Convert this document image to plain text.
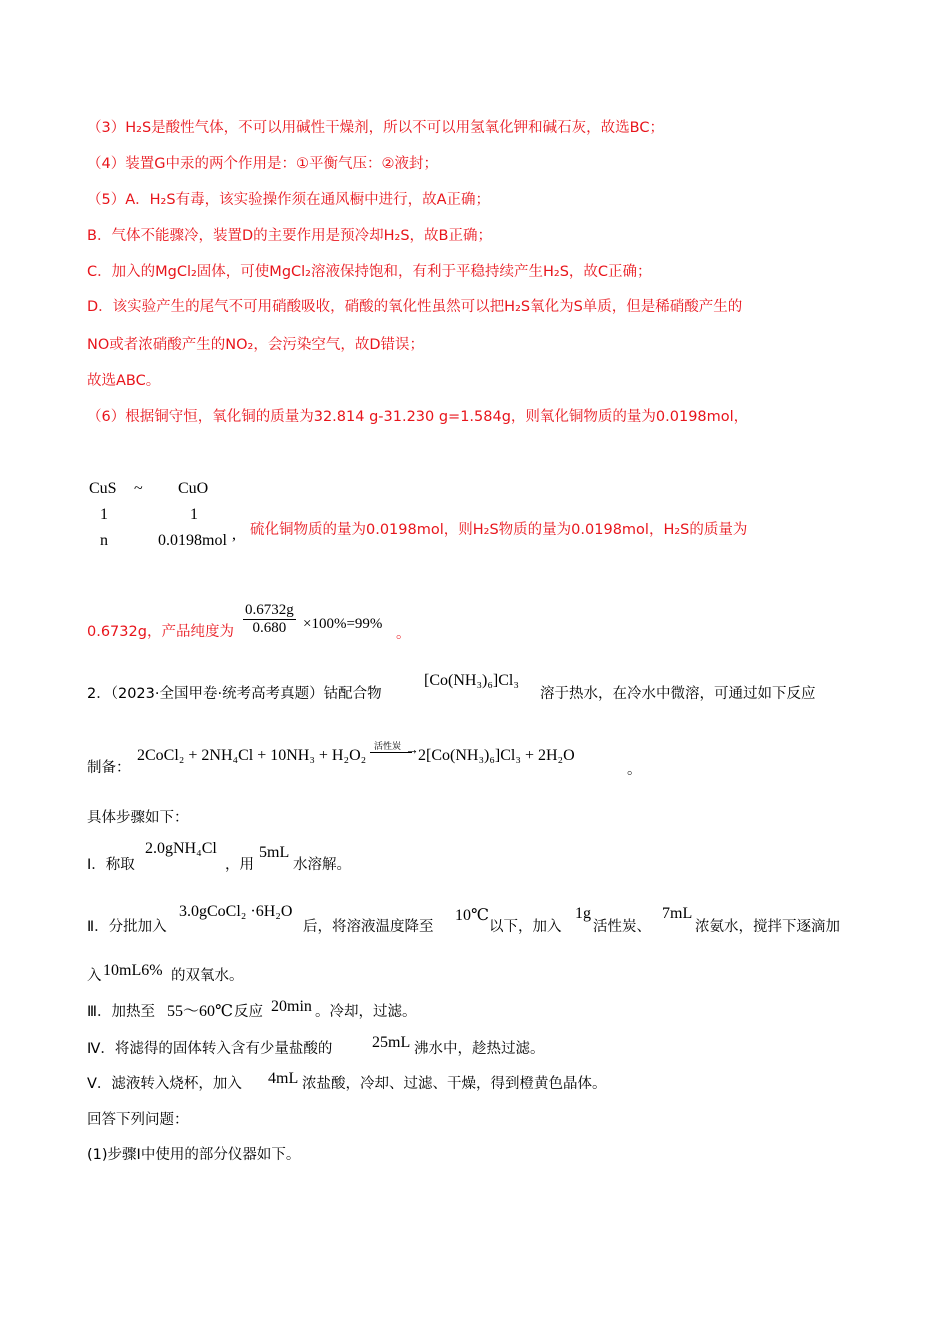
（3）H₂S是酸性气体，不可以用碱性干燥剂，所以不可以用氢氧化钾和碱石灰，故选BC；
（4）装置G中汞的两个作用是：①平衡气压：②液封；
（5）A．H₂S有毒，该实验操作须在通风橱中进行，故A正确；
B．气体不能骤冷，装置D的主要作用是预冷却H₂S，故B正确；
C．加入的MgCl₂固体，可使MgCl₂溶液保持饱和，有利于平稳持续产生H₂S，故C正确；
D．该实验产生的尾气不可用硝酸吸收，硝酸的氧化性虽然可以把H₂S氧化为S单质，但是稀硝酸产生的
NO或者浓硝酸产生的NO₂，会污染空气，故D错误；
故选ABC。
（6）根据铜守恒，氧化铜的质量为32.814 g-31.230 g=1.584g，则氧化铜物质的量为0.0198mol，
CuS ~ CuO
1	1
n	0.0198mol , 硫化铜物质的量为0.0198mol，则H₂S物质的量为0.0198mol，H₂S的质量为
0.6732g，产品纯度为 $\frac{0.6732g}{0.680} \times 100\%=99\%$
。
2．（2023·全国甲卷·统考高考真题）钴配合物
[Co(NH₃)₆]Cl₃
溶于热水，在冷水中微溶，可通过如下反应
制备：
2CoCl₂ + 2NH₄Cl + 10NH₃ + H₂O₂ 活性炭 → 2[Co(NH₃)₆]Cl₃ + 2H₂O
。
具体步骤如下：
Ⅰ．称取
2.0gNH₄Cl
，用
5mL
水溶解。
Ⅱ．分批加入
3.0gCoCl₂ ·6H₂O
后，将溶液温度降至
10℃
以下，加入
1g
活性炭、
7mL
浓氨水，搅拌下逐滴加
入 10mL6% 的双氧水。
Ⅲ．加热至 55～60℃ 反应 20min 。冷却，过滤。
Ⅳ．将滤得的固体转入含有少量盐酸的 25mL 沸水中，趁热过滤。
Ⅴ．滤液转入烧杯，加入 4mL 浓盐酸，冷却、过滤、干燥，得到橙黄色晶体。
回答下列问题：
(1)步骤Ⅰ中使用的部分仪器如下。
